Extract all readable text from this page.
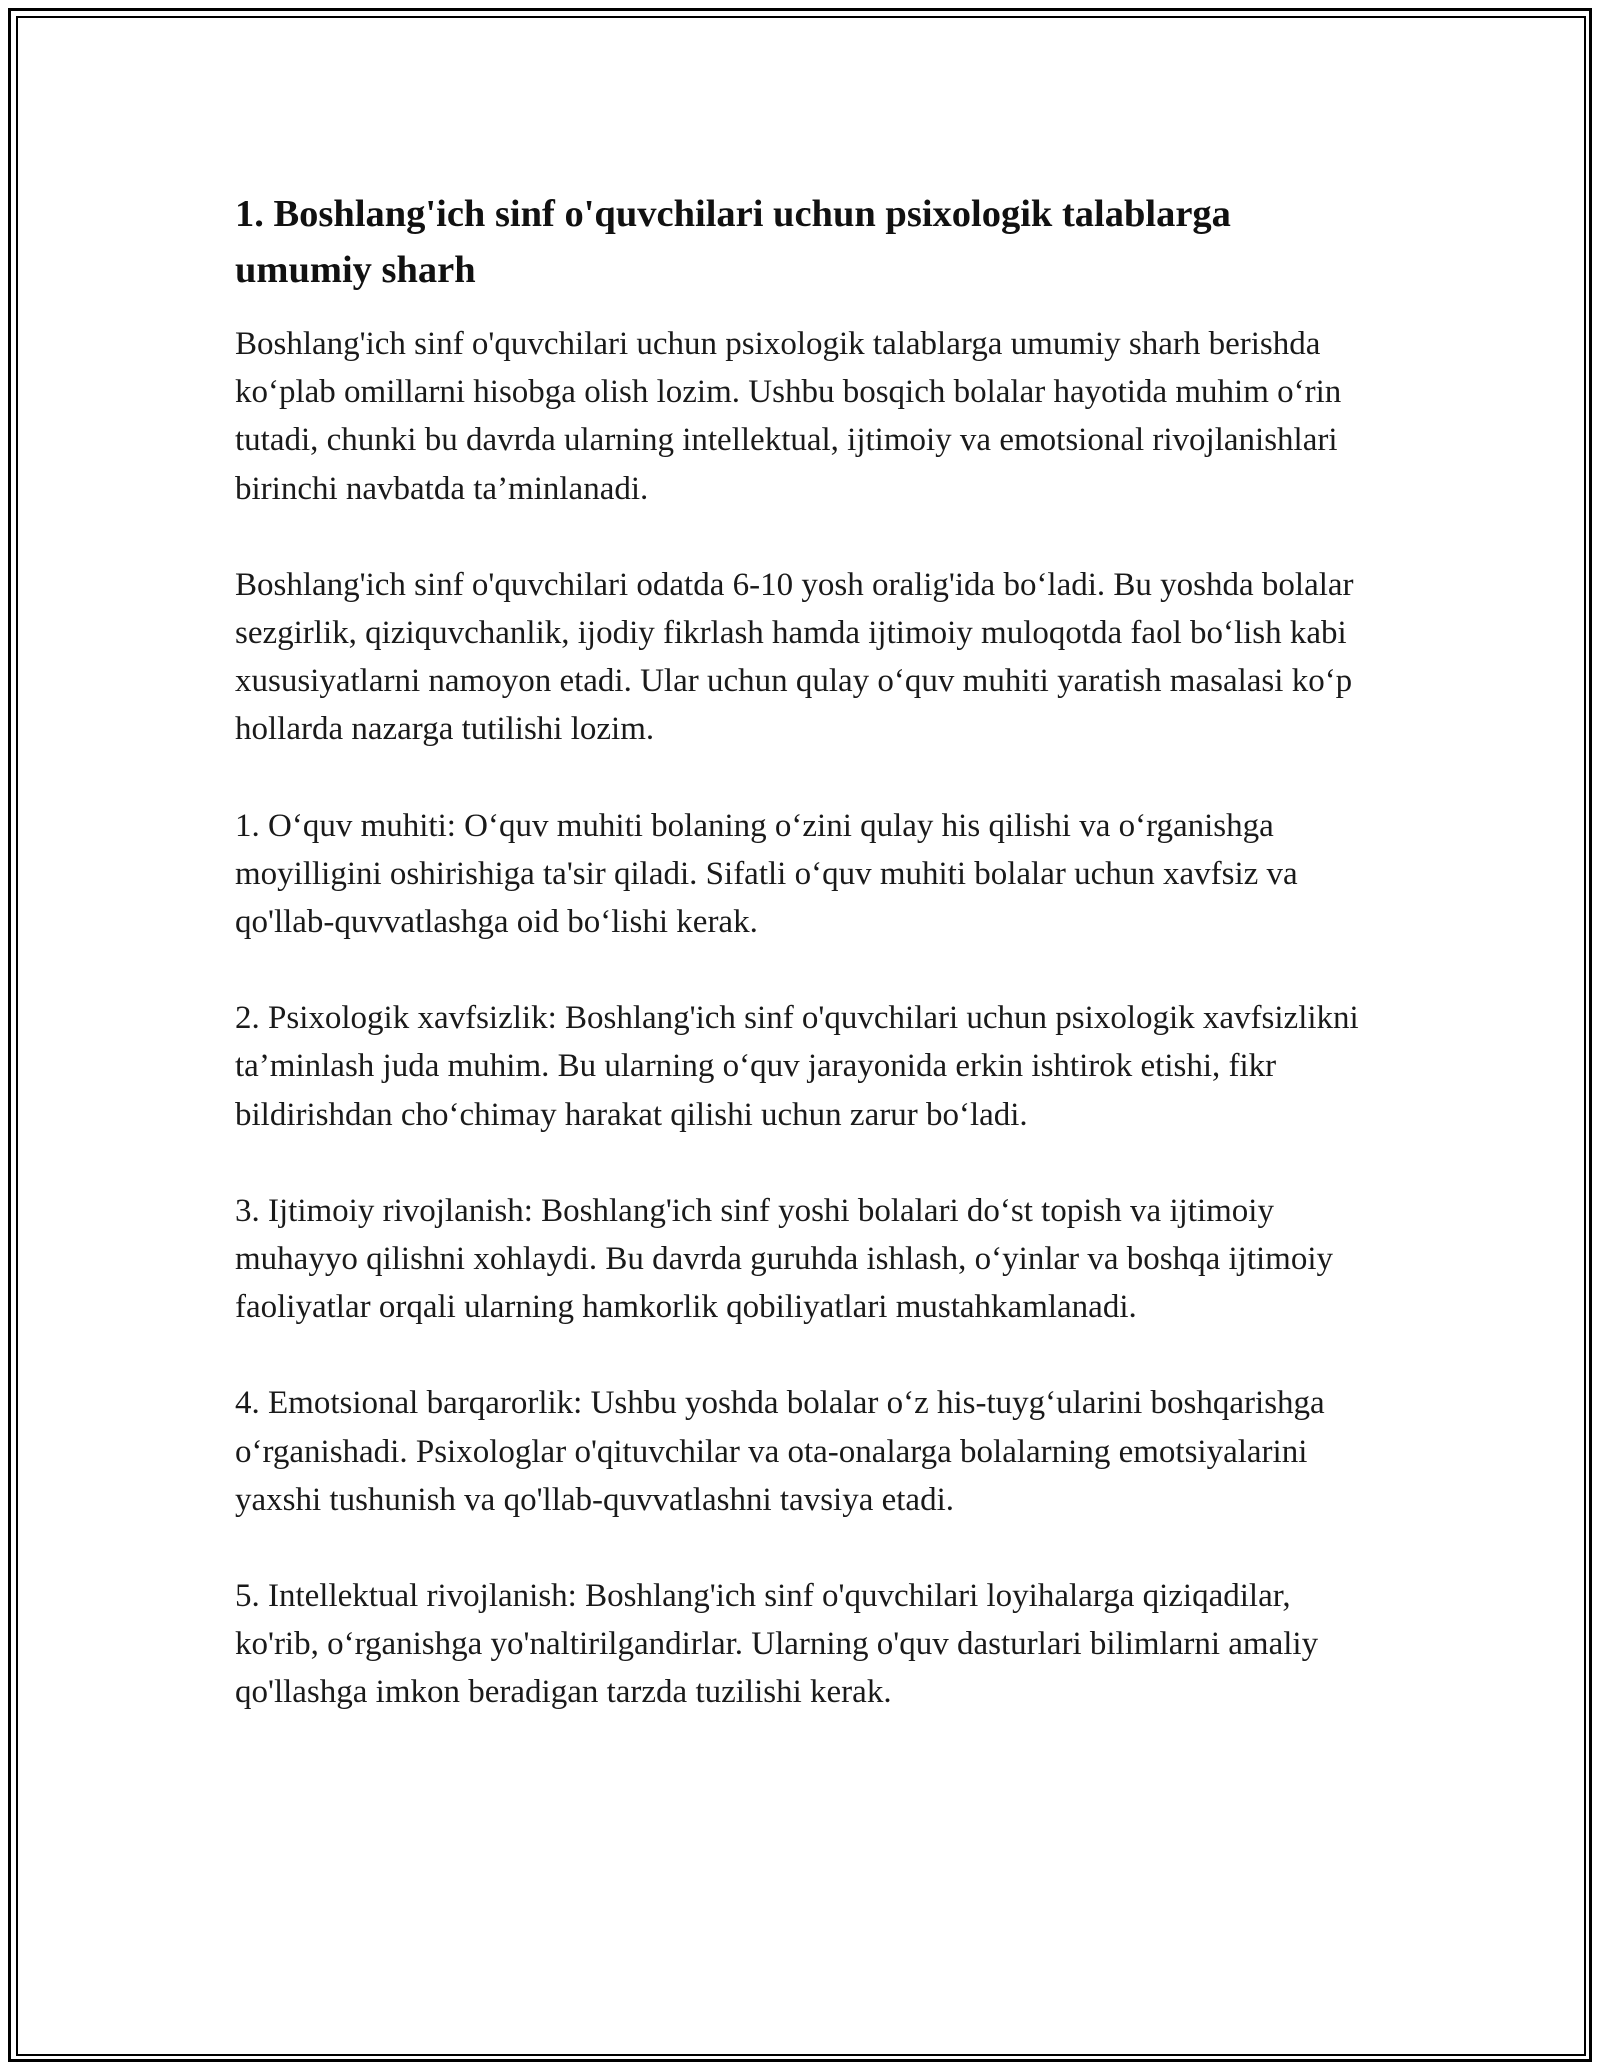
1. Boshlang'ich sinf o'quvchilari uchun psixologik talablarga umumiy sharh

Boshlang'ich sinf o'quvchilari uchun psixologik talablarga umumiy sharh berishda ko‘plab omillarni hisobga olish lozim. Ushbu bosqich bolalar hayotida muhim o‘rin tutadi, chunki bu davrda ularning intellektual, ijtimoiy va emotsional rivojlanishlari birinchi navbatda ta’minlanadi.

Boshlang'ich sinf o'quvchilari odatda 6-10 yosh oralig'ida bo‘ladi. Bu yoshda bolalar sezgirlik, qiziquvchanlik, ijodiy fikrlash hamda ijtimoiy muloqotda faol bo‘lish kabi xususiyatlarni namoyon etadi. Ular uchun qulay o‘quv muhiti yaratish masalasi ko‘p hollarda nazarga tutilishi lozim.

1. O‘quv muhiti: O‘quv muhiti bolaning o‘zini qulay his qilishi va o‘rganishga moyilligini oshirishiga ta'sir qiladi. Sifatli o‘quv muhiti bolalar uchun xavfsiz va qo'llab-quvvatlashga oid bo‘lishi kerak.

2. Psixologik xavfsizlik: Boshlang'ich sinf o'quvchilari uchun psixologik xavfsizlikni ta’minlash juda muhim. Bu ularning o‘quv jarayonida erkin ishtirok etishi, fikr bildirishdan cho‘chimay harakat qilishi uchun zarur bo‘ladi.

3. Ijtimoiy rivojlanish: Boshlang'ich sinf yoshi bolalari do‘st topish va ijtimoiy muhayyo qilishni xohlaydi. Bu davrda guruhda ishlash, o‘yinlar va boshqa ijtimoiy faoliyatlar orqali ularning hamkorlik qobiliyatlari mustahkamlanadi.

4. Emotsional barqarorlik: Ushbu yoshda bolalar o‘z his-tuyg‘ularini boshqarishga o‘rganishadi. Psixologlar o'qituvchilar va ota-onalarga bolalarning emotsiyalarini yaxshi tushunish va qo'llab-quvvatlashni tavsiya etadi.

5. Intellektual rivojlanish: Boshlang'ich sinf o'quvchilari loyihalarga qiziqadilar, ko'rib, o‘rganishga yo'naltirilgandirlar. Ularning o'quv dasturlari bilimlarni amaliy qo'llashga imkon beradigan tarzda tuzilishi kerak.
